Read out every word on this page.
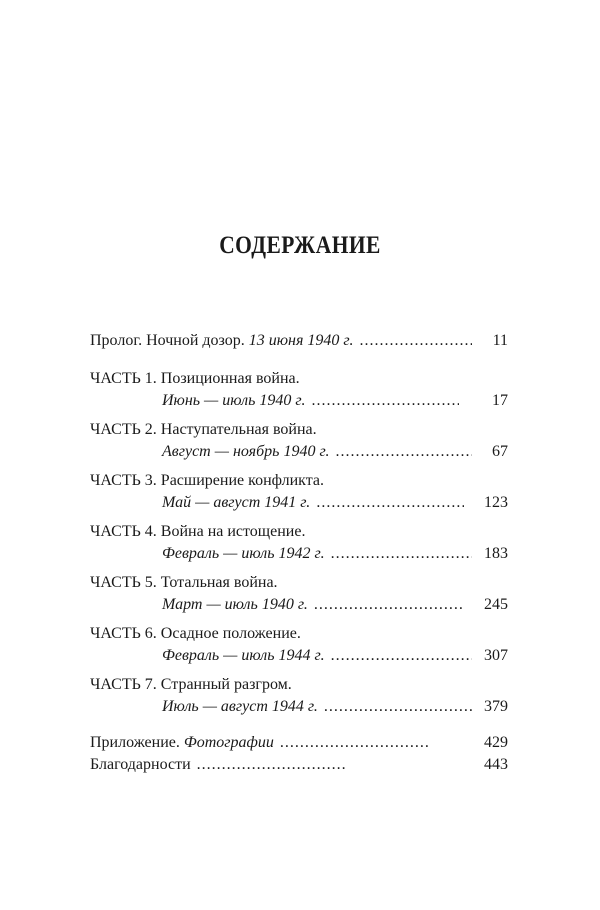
СОДЕРЖАНИЕ
Пролог. Ночной дозор. 13 июня 1940 г. .....	11
ЧАСТЬ 1. Позиционная война.
Июнь — июль 1940 г. .....	17
ЧАСТЬ 2. Наступательная война.
Август — ноябрь 1940 г. .....	67
ЧАСТЬ 3. Расширение конфликта.
Май — август 1941 г. .....	123
ЧАСТЬ 4. Война на истощение.
Февраль — июль 1942 г. .....	183
ЧАСТЬ 5. Тотальная война.
Март — июль 1940 г. .....	245
ЧАСТЬ 6. Осадное положение.
Февраль — июль 1944 г. .....	307
ЧАСТЬ 7. Странный разгром.
Июль — август 1944 г. .....	379
Приложение. Фотографии .....	429
Благодарности .....	443
